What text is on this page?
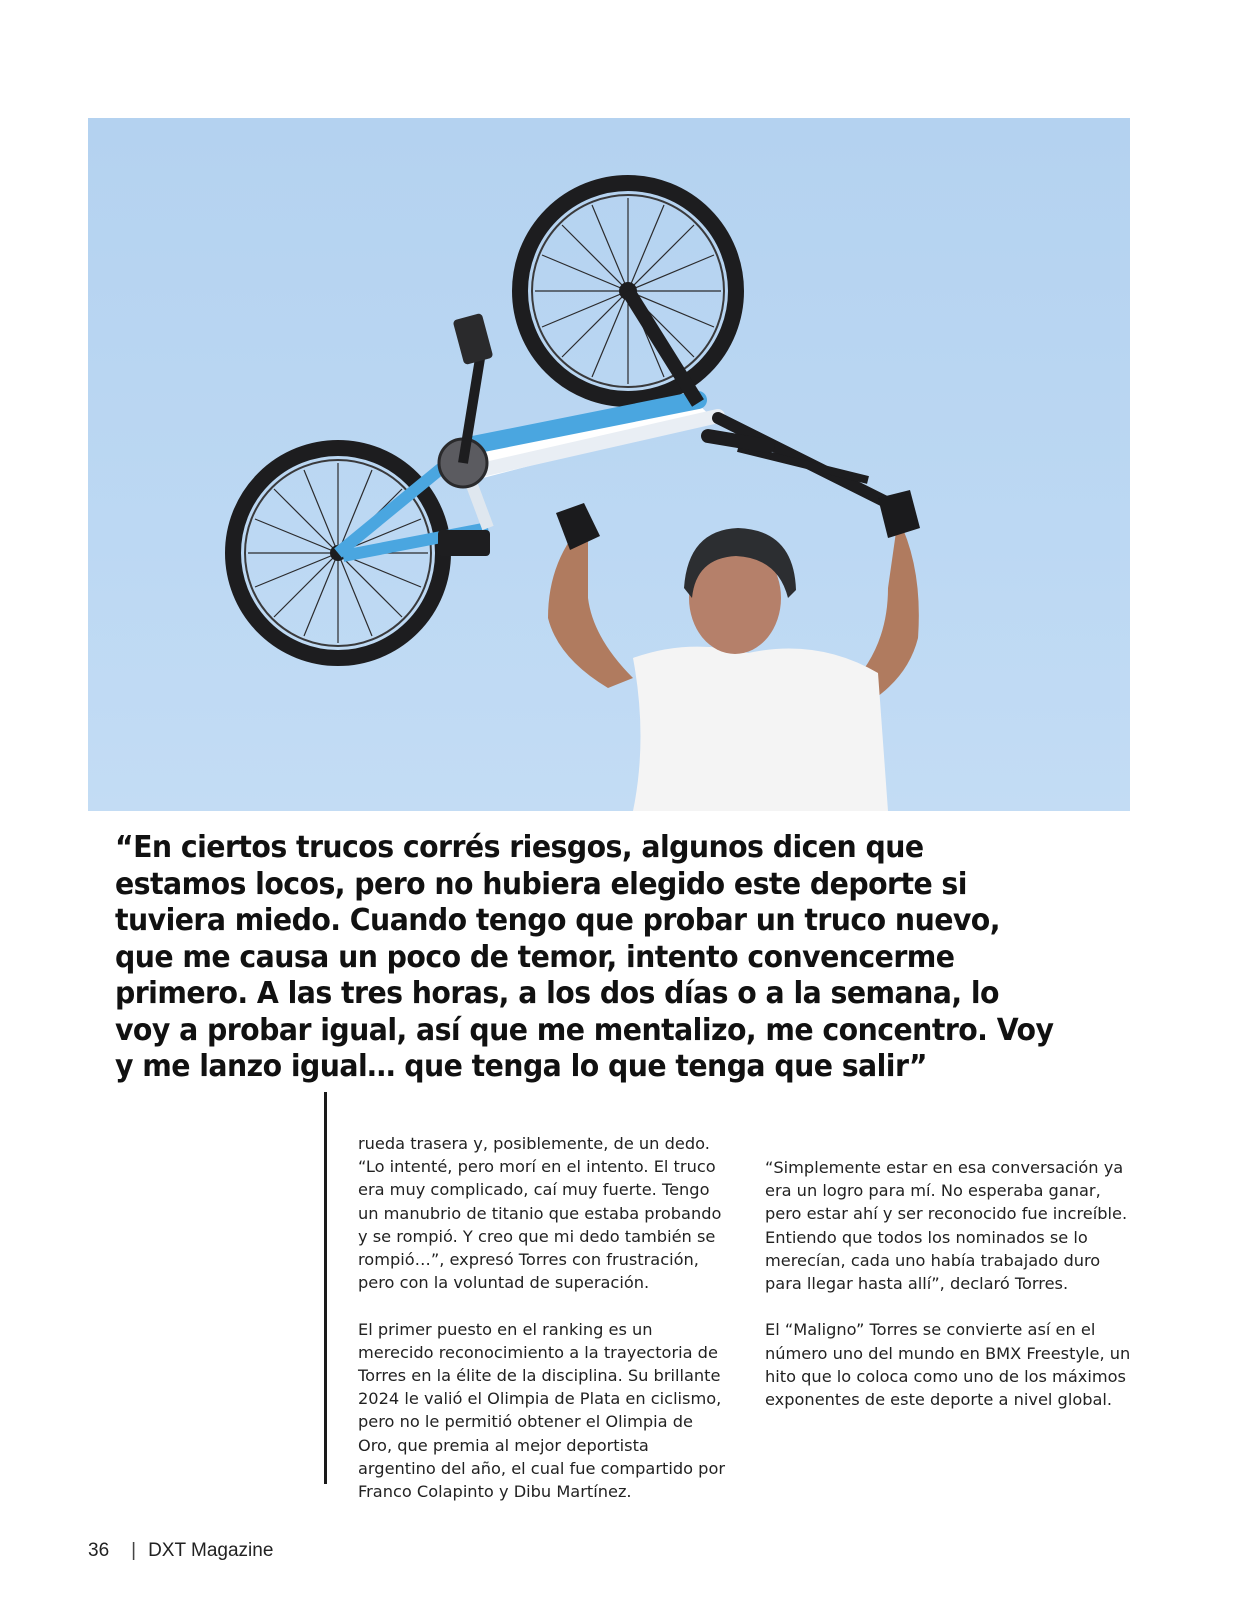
“En ciertos trucos corrés riesgos, algunos dicen que estamos locos, pero no hubiera elegido este deporte si tuviera miedo. Cuando tengo que probar un truco nuevo, que me causa un poco de temor, intento convencerme primero. A las tres horas, a los dos días o a la semana, lo voy a probar igual, así que me mentalizo, me concentro. Voy y me lanzo igual… que tenga lo que tenga que salir”

rueda trasera y, posiblemente, de un dedo. “Lo intenté, pero morí en el intento. El truco era muy complicado, caí muy fuerte. Tengo un manubrio de titanio que estaba probando y se rompió. Y creo que mi dedo también se rompió…”, expresó Torres con frustración, pero con la voluntad de superación.

El primer puesto en el ranking es un merecido reconocimiento a la trayectoria de Torres en la élite de la disciplina. Su brillante 2024 le valió el Olimpia de Plata en ciclismo, pero no le permitió obtener el Olimpia de Oro, que premia al mejor deportista argentino del año, el cual fue compartido por Franco Colapinto y Dibu Martínez.

“Simplemente estar en esa conversación ya era un logro para mí. No esperaba ganar, pero estar ahí y ser reconocido fue increíble. Entiendo que todos los nominados se lo merecían, cada uno había trabajado duro para llegar hasta allí”, declaró Torres.

El “Maligno” Torres se convierte así en el número uno del mundo en BMX Freestyle, un hito que lo coloca como uno de los máximos exponentes de este deporte a nivel global.

36 | DXT Magazine
